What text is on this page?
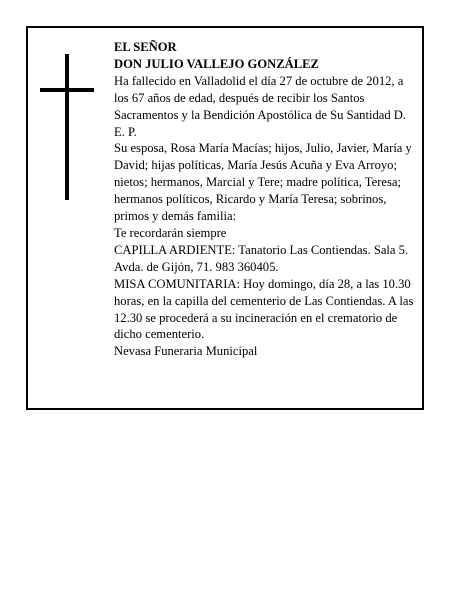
EL SEÑOR

DON JULIO VALLEJO GONZÁLEZ

Ha fallecido en Valladolid el día 27 de octubre de 2012, a los 67 años de edad, después de recibir los Santos Sacramentos y la Bendición Apostólica de Su Santidad D. E. P.

Su esposa, Rosa María Macías; hijos, Julio, Javier, María y David; hijas políticas, María Jesús Acuña y Eva Arroyo; nietos; hermanos, Marcial y Tere; madre política, Teresa; hermanos políticos, Ricardo y María Teresa; sobrinos, primos y demás familia:

Te recordarán siempre

CAPILLA ARDIENTE: Tanatorio Las Contiendas. Sala 5. Avda. de Gijón, 71. 983 360405.

MISA COMUNITARIA: Hoy domingo, día 28, a las 10.30 horas, en la capilla del cementerio de Las Contiendas. A las 12.30 se procederá a su incineración en el crematorio de dicho cementerio.

Nevasa Funeraria Municipal
